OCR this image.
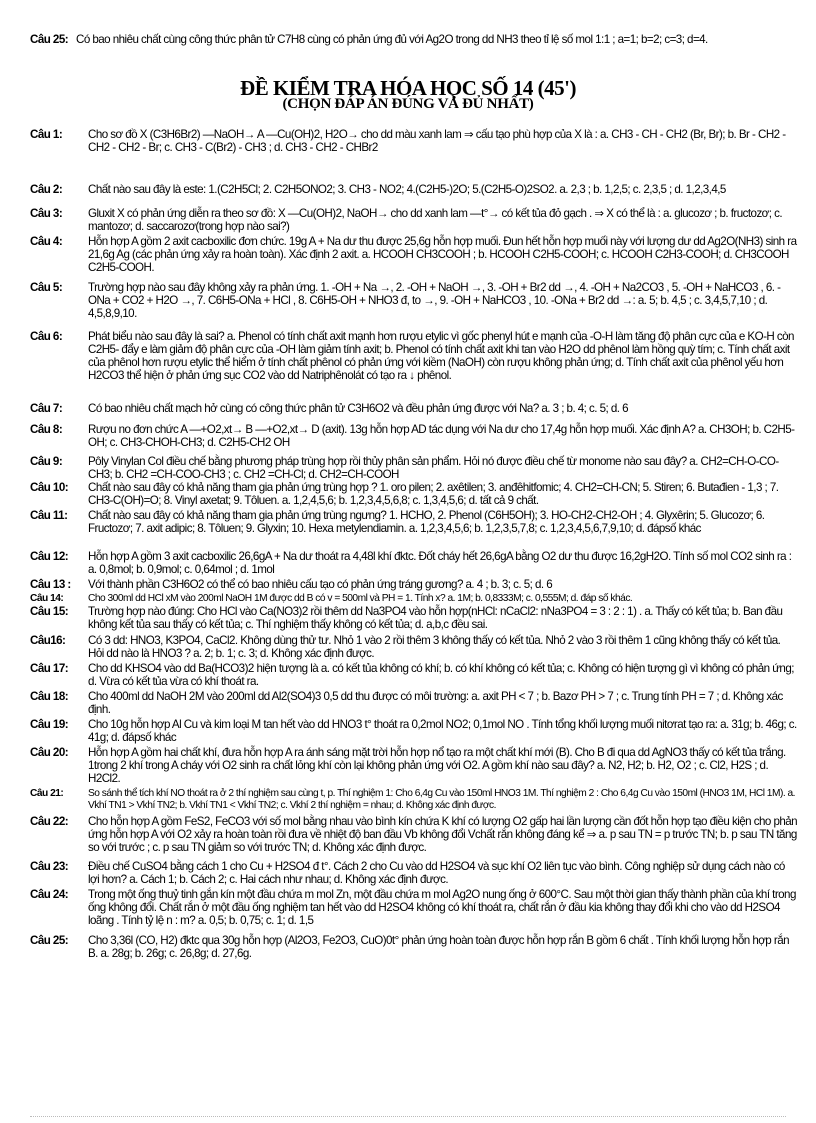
Câu 25: Có bao nhiêu chất cùng công thức phân tử C7H8 cùng có phản ứng đủ với Ag2O trong dd NH3 theo tỉ lệ số mol 1:1 ; a=1; b=2; c=3; d=4.
ĐỀ KIỂM TRA HÓA HỌC SỐ 14 (45')
(CHỌN ĐÁP ÁN ĐÚNG VÀ ĐỦ NHẤT)
Câu 1:	Cho sơ đồ X (C3H6Br2) —NaOH→ A —Cu(OH)2, H2O→ cho dd màu xanh lam ⇒ cấu tạo phù hợp của X là : a. CH3 - CH - CH2 (Br, Br); b. Br - CH2 - CH2 - CH2 - Br; c. CH3 - C(Br2) - CH3 ; d. CH3 - CH2 - CHBr2
Câu 2:	Chất nào sau đây là este: 1.(C2H5Cl; 2. C2H5ONO2; 3. CH3 - NO2; 4.(C2H5-)2O; 5.(C2H5-O)2SO2. a. 2,3 ; b. 1,2,5; c. 2,3,5 ; d. 1,2,3,4,5
Câu 3:	Gluxit X có phản ứng diễn ra theo sơ đồ: X —Cu(OH)2, NaOH→ cho dd xanh lam —t°→ có kết tủa đỏ gạch . ⇒ X có thể là : a. glucozơ ; b. fructozơ; c. mantozơ; d. saccarozơ(trong hợp nào sai?)
Câu 4:	Hỗn hợp A gồm 2 axit cacboxilic đơn chức. 19g A + Na dư thu được 25,6g hỗn hợp muối. Đun hết hỗn hợp muối này với lượng dư dd Ag2O(NH3) sinh ra 21,6g Ag (các phản ứng xảy ra hoàn toàn). Xác định 2 axit. a. HCOOH CH3COOH ; b. HCOOH C2H5-COOH; c. HCOOH C2H3-COOH; d. CH3COOH C2H5-COOH.
Câu 5:	Trường hợp nào sau đây không xảy ra phản ứng. 1. -OH + Na →, 2. -OH + NaOH →, 3. -OH + Br2 dd →, 4. -OH + Na2CO3 , 5. -OH + NaHCO3 , 6. -ONa + CO2 + H2O →, 7. C6H5-ONa + HCl , 8. C6H5-OH + NHO3 đ, to →, 9. -OH + NaHCO3 , 10. -ONa + Br2 dd →: a. 5; b. 4,5 ; c. 3,4,5,7,10 ; d. 4,5,8,9,10.
Câu 6:	Phát biểu nào sau đây là sai? a. Phenol có tính chất axit mạnh hơn rượu etylic vì gốc phenyl hút e mạnh của -O-H làm tăng độ phân cực của e KO-H còn C2H5- đẩy e làm giảm độ phân cực của -OH làm giảm tính axit; b. Phenol có tính chất axit khi tan vào H2O dd phênol làm hồng quỳ tím; c. Tính chất axit của phênol hơn rượu etylic thể hiểm ở tính chất phênol có phản ứng với kiềm (NaOH) còn rượu không phản ứng; d. Tính chất axit của phênol yếu hơn H2CO3 thể hiện ở phản ứng sục CO2 vào dd Natriphênolát có tạo ra ↓ phênol.
Câu 7:	Có bao nhiêu chất mạch hở cùng có công thức phân tử C3H6O2 và đều phản ứng được với Na? a. 3 ; b. 4; c. 5; d. 6
Câu 8:	Rượu no đơn chức A —+O2,xt→ B —+O2,xt→ D (axit). 13g hỗn hợp AD tác dụng với Na dư cho 17,4g hỗn hợp muối. Xác định A? a. CH3OH; b. C2H5-OH; c. CH3-CHOH-CH3; d. C2H5-CH2 OH
Câu 9:	Pôly Vinylan Col điều chế bằng phương pháp trùng hợp rồi thủy phân sản phẩm. Hỏi nó được điều chế từ monome nào sau đây? a. CH2=CH-O-CO-CH3; b. CH2 =CH-COO-CH3 ; c. CH2 =CH-Cl; d. CH2=CH-COOH
Câu 10:	Chất nào sau đây có khả năng tham gia phản ứng trùng hợp ? 1. oro pilen; 2. axêtilen; 3. anđêhitfomic; 4. CH2=CH-CN; 5. Stiren; 6. Butađien - 1,3 ; 7. CH3-C(OH)=O; 8. Vinyl axetat; 9. Tôluen. a. 1,2,4,5,6; b. 1,2,3,4,5,6,8; c. 1,3,4,5,6; d. tất cả 9 chất.
Câu 11:	Chất nào sau đây có khả năng tham gia phản ứng trùng ngưng? 1. HCHO, 2. Phenol (C6H5OH); 3. HO-CH2-CH2-OH ; 4. Glyxêrin; 5. Glucozơ; 6. Fructozơ; 7. axit adipic; 8. Tôluen; 9. Glyxin; 10. Hexa metylendiamin. a. 1,2,3,4,5,6; b. 1,2,3,5,7,8; c. 1,2,3,4,5,6,7,9,10; d. đápsố khác
Câu 12:	Hỗn hợp A gồm 3 axit cacboxilic 26,6gA + Na dư thoát ra 4,48l khí đktc. Đốt cháy hết 26,6gA bằng O2 dư thu được 16,2gH2O. Tính số mol CO2 sinh ra : a. 0,8mol; b. 0,9mol; c. 0,64mol ; d. 1mol
Câu 13 :	Với thành phần C3H6O2 có thể có bao nhiêu cấu tạo có phản ứng tráng gương? a. 4 ; b. 3; c. 5; d. 6
Câu 14:	Cho 300ml dd HCl xM vào 200ml NaOH 1M được dd B có v = 500ml và PH = 1. Tính x? a. 1M; b. 0,8333M; c. 0,555M; d. đáp số khác.
Câu 15:	Trường hợp nào đúng: Cho HCl vào Ca(NO3)2 rồi thêm dd Na3PO4 vào hỗn hợp(nHCl: nCaCl2: nNa3PO4 = 3 : 2 : 1) . a. Thấy có kết tủa; b. Ban đầu không kết tủa sau thấy có kết tủa; c. Thí nghiệm thấy không có kết tủa; d. a,b,c đều sai.
Câu16:	Có 3 dd: HNO3, K3PO4, CaCl2. Không dùng thử tư. Nhỏ 1 vào 2 rồi thêm 3 không thấy có kết tủa. Nhỏ 2 vào 3 rồi thêm 1 cũng không thấy có kết tủa. Hỏi dd nào là HNO3 ? a. 2; b. 1; c. 3; d. Không xác định được.
Câu 17:	Cho dd KHSO4 vào dd Ba(HCO3)2 hiện tượng là a. có kết tủa không có khí; b. có khí không có kết tủa; c. Không có hiện tượng gì vì không có phản ứng; d. Vừa có kết tủa vừa có khí thoát ra.
Câu 18:	Cho 400ml dd NaOH 2M vào 200ml dd Al2(SO4)3 0,5 dd thu được có môi trường: a. axit PH < 7 ; b. Bazơ PH > 7 ; c. Trung tính PH = 7 ; d. Không xác định.
Câu 19:	Cho 10g hỗn hợp Al Cu và kim loại M tan hết vào dd HNO3 t° thoát ra 0,2mol NO2; 0,1mol NO . Tính tổng khối lượng muối nitơrat tạo ra: a. 31g; b. 46g; c. 41g; d. đápsố khác
Câu 20:	Hỗn hợp A gồm hai chất khí, đưa hỗn hợp A ra ánh sáng mặt trời hỗn hợp nổ tạo ra một chất khí mới (B). Cho B đi qua dd AgNO3 thấy có kết tủa trắng. 1trong 2 khí trong A cháy với O2 sinh ra chất lỏng khí còn lại không phản ứng với O2. A gồm khí nào sau đây? a. N2, H2; b. H2, O2 ; c. Cl2, H2S ; d. H2Cl2.
Câu 21:	So sánh thể tích khí NO thoát ra ở 2 thí nghiệm sau cùng t, p. Thí nghiệm 1: Cho 6,4g Cu vào 150ml HNO3 1M. Thí nghiệm 2 : Cho 6,4g Cu vào 150ml (HNO3 1M, HCl 1M). a. Vkhí TN1 > Vkhí TN2; b. Vkhí TN1 < Vkhí TN2; c. Vkhí 2 thí nghiệm = nhau; d. Không xác định được.
Câu 22:	Cho hỗn hợp A gồm FeS2, FeCO3 với số mol bằng nhau vào bình kín chứa K khí có lượng O2 gấp hai lần lượng cần đốt hỗn hợp tạo điều kiện cho phản ứng hỗn hợp A với O2 xảy ra hoàn toàn rồi đưa về nhiệt độ ban đầu Vb không đổi Vchất rắn không đáng kể ⇒ a. p sau TN = p trước TN; b. p sau TN tăng so với trước ; c. p sau TN giảm so với trước TN; d. Không xác định được.
Câu 23:	Điều chế CuSO4 bằng cách 1 cho Cu + H2SO4 đ t°. Cách 2 cho Cu vào dd H2SO4 và sục khí O2 liên tục vào bình. Công nghiệp sử dụng cách nào có lợi hơn? a. Cách 1; b. Cách 2; c. Hai cách như nhau; d. Không xác định được.
Câu 24:	Trong một ống thuỷ tinh gắn kín một đầu chứa m mol Zn, một đầu chứa m mol Ag2O nung ống ở 600°C. Sau một thời gian thấy thành phần của khí trong ống không đổi. Chất rắn ở một đầu ống nghiệm tan hết vào dd H2SO4 không có khí thoát ra, chất rắn ở đầu kia không thay đổi khi cho vào dd H2SO4 loãng . Tính tỷ lệ n : m? a. 0,5; b. 0,75; c. 1; d. 1,5
Câu 25:	Cho 3,36l (CO, H2) đktc qua 30g hỗn hợp (Al2O3, Fe2O3, CuO)0t° phản ứng hoàn toàn được hỗn hợp rắn B gồm 6 chất . Tính khối lượng hỗn hợp rắn B. a. 28g; b. 26g; c. 26,8g; d. 27,6g.
